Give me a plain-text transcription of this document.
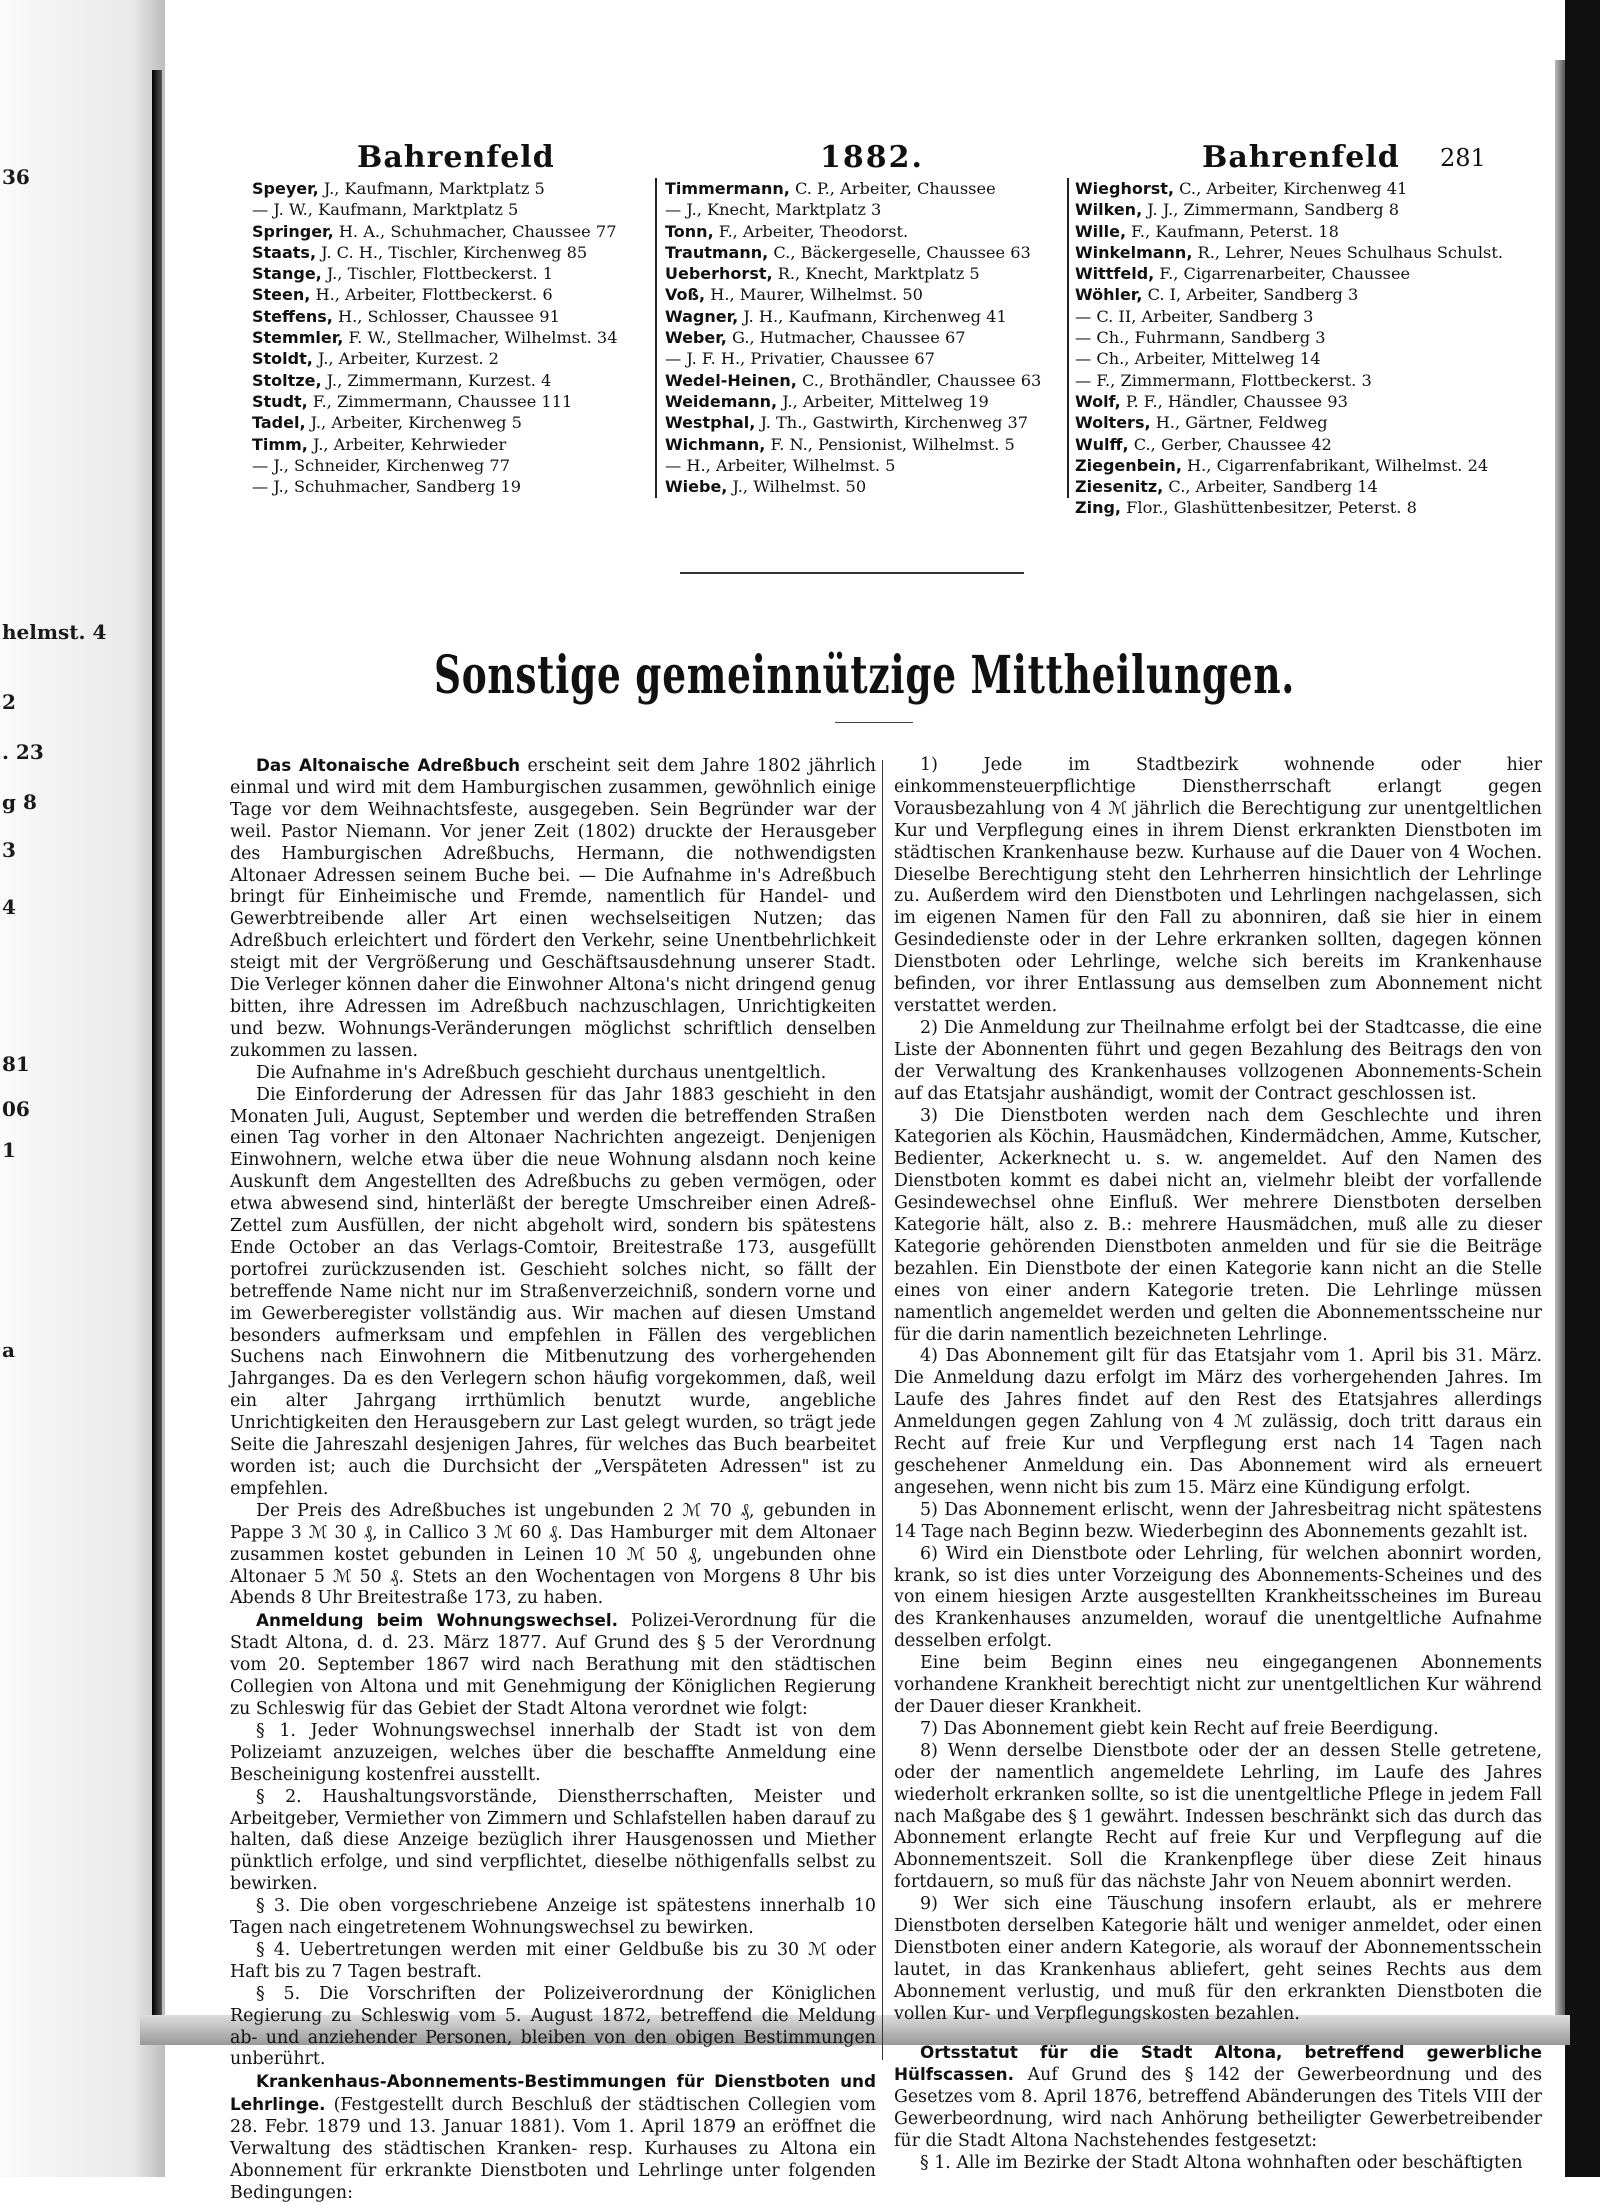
36
helmst. 4
2
. 23
g 8
3
4
81
06
1
a
Bahrenfeld	1882.	Bahrenfeld 281
Speyer, J., Kaufmann, Marktplatz 5
— J. W., Kaufmann, Marktplatz 5
Springer, H. A., Schuhmacher, Chaussee 77
Staats, J. C. H., Tischler, Kirchenweg 85
Stange, J., Tischler, Flottbeckerst. 1
Steen, H., Arbeiter, Flottbeckerst. 6
Steffens, H., Schlosser, Chaussee 91
Stemmler, F. W., Stellmacher, Wilhelmst. 34
Stoldt, J., Arbeiter, Kurzest. 2
Stoltze, J., Zimmermann, Kurzest. 4
Studt, F., Zimmermann, Chaussee 111
Tadel, J., Arbeiter, Kirchenweg 5
Timm, J., Arbeiter, Kehrwieder
— J., Schneider, Kirchenweg 77
— J., Schuhmacher, Sandberg 19
Timmermann, C. P., Arbeiter, Chaussee
— J., Knecht, Marktplatz 3
Tonn, F., Arbeiter, Theodorst.
Trautmann, C., Bäckergeselle, Chaussee 63
Ueberhorst, R., Knecht, Marktplatz 5
Voß, H., Maurer, Wilhelmst. 50
Wagner, J. H., Kaufmann, Kirchenweg 41
Weber, G., Hutmacher, Chaussee 67
— J. F. H., Privatier, Chaussee 67
Wedel-Heinen, C., Brothändler, Chaussee 63
Weidemann, J., Arbeiter, Mittelweg 19
Westphal, J. Th., Gastwirth, Kirchenweg 37
Wichmann, F. N., Pensionist, Wilhelmst. 5
— H., Arbeiter, Wilhelmst. 5
Wiebe, J., Wilhelmst. 50
Wieghorst, C., Arbeiter, Kirchenweg 41
Wilken, J. J., Zimmermann, Sandberg 8
Wille, F., Kaufmann, Peterst. 18
Winkelmann, R., Lehrer, Neues Schulhaus Schulst.
Wittfeld, F., Cigarrenarbeiter, Chaussee
Wöhler, C. I, Arbeiter, Sandberg 3
— C. II, Arbeiter, Sandberg 3
— Ch., Fuhrmann, Sandberg 3
— Ch., Arbeiter, Mittelweg 14
— F., Zimmermann, Flottbeckerst. 3
Wolf, P. F., Händler, Chaussee 93
Wolters, H., Gärtner, Feldweg
Wulff, C., Gerber, Chaussee 42
Ziegenbein, H., Cigarrenfabrikant, Wilhelmst. 24
Ziesenitz, C., Arbeiter, Sandberg 14
Zing, Flor., Glashüttenbesitzer, Peterst. 8
Sonstige gemeinnützige Mittheilungen.

Das Altonaische Adreßbuch erscheint seit dem Jahre 1802 jährlich einmal und wird mit dem Hamburgischen zusammen, gewöhnlich einige Tage vor dem Weihnachtsfeste, ausgegeben. Sein Begründer war der weil. Pastor Niemann. Vor jener Zeit (1802) druckte der Herausgeber des Hamburgischen Adreßbuchs, Hermann, die nothwendigsten Altonaer Adressen seinem Buche bei. — Die Aufnahme in's Adreßbuch bringt für Einheimische und Fremde, namentlich für Handel- und Gewerbtreibende aller Art einen wechselseitigen Nutzen; das Adreßbuch erleichtert und fördert den Verkehr, seine Unentbehrlichkeit steigt mit der Vergrößerung und Geschäftsausdehnung unserer Stadt. Die Verleger können daher die Einwohner Altona's nicht dringend genug bitten, ihre Adressen im Adreßbuch nachzuschlagen, Unrichtigkeiten und bezw. Wohnungs-Veränderungen möglichst schriftlich denselben zukommen zu lassen.

Die Aufnahme in's Adreßbuch geschieht durchaus unentgeltlich.

Die Einforderung der Adressen für das Jahr 1883 geschieht in den Monaten Juli, August, September und werden die betreffenden Straßen einen Tag vorher in den Altonaer Nachrichten angezeigt. Denjenigen Einwohnern, welche etwa über die neue Wohnung alsdann noch keine Auskunft dem Angestellten des Adreßbuchs zu geben vermögen, oder etwa abwesend sind, hinterläßt der beregte Umschreiber einen Adreß-Zettel zum Ausfüllen, der nicht abgeholt wird, sondern bis spätestens Ende October an das Verlags-Comtoir, Breitestraße 173, ausgefüllt portofrei zurückzusenden ist. Geschieht solches nicht, so fällt der betreffende Name nicht nur im Straßenverzeichniß, sondern vorne und im Gewerberegister vollständig aus. Wir machen auf diesen Umstand besonders aufmerksam und empfehlen in Fällen des vergeblichen Suchens nach Einwohnern die Mitbenutzung des vorhergehenden Jahrganges. Da es den Verlegern schon häufig vorgekommen, daß, weil ein alter Jahrgang irrthümlich benutzt wurde, angebliche Unrichtigkeiten den Herausgebern zur Last gelegt wurden, so trägt jede Seite die Jahreszahl desjenigen Jahres, für welches das Buch bearbeitet worden ist; auch die Durchsicht der „Verspäteten Adressen" ist zu empfehlen.

Der Preis des Adreßbuches ist ungebunden 2 ℳ 70 ₰, gebunden in Pappe 3 ℳ 30 ₰, in Callico 3 ℳ 60 ₰. Das Hamburger mit dem Altonaer zusammen kostet gebunden in Leinen 10 ℳ 50 ₰, ungebunden ohne Altonaer 5 ℳ 50 ₰. Stets an den Wochentagen von Morgens 8 Uhr bis Abends 8 Uhr Breitestraße 173, zu haben.

Anmeldung beim Wohnungswechsel. Polizei-Verordnung für die Stadt Altona, d. d. 23. März 1877. Auf Grund des § 5 der Verordnung vom 20. September 1867 wird nach Berathung mit den städtischen Collegien von Altona und mit Genehmigung der Königlichen Regierung zu Schleswig für das Gebiet der Stadt Altona verordnet wie folgt:

§ 1. Jeder Wohnungswechsel innerhalb der Stadt ist von dem Polizeiamt anzuzeigen, welches über die beschaffte Anmeldung eine Bescheinigung kostenfrei ausstellt.

§ 2. Haushaltungsvorstände, Dienstherrschaften, Meister und Arbeitgeber, Vermiether von Zimmern und Schlafstellen haben darauf zu halten, daß diese Anzeige bezüglich ihrer Hausgenossen und Miether pünktlich erfolge, und sind verpflichtet, dieselbe nöthigenfalls selbst zu bewirken.

§ 3. Die oben vorgeschriebene Anzeige ist spätestens innerhalb 10 Tagen nach eingetretenem Wohnungswechsel zu bewirken.

§ 4. Uebertretungen werden mit einer Geldbuße bis zu 30 ℳ oder Haft bis zu 7 Tagen bestraft.

§ 5. Die Vorschriften der Polizeiverordnung der Königlichen Regierung zu Schleswig vom 5. August 1872, betreffend die Meldung ab- und anziehender Personen, bleiben von den obigen Bestimmungen unberührt.

Krankenhaus-Abonnements-Bestimmungen für Dienstboten und Lehrlinge. (Festgestellt durch Beschluß der städtischen Collegien vom 28. Febr. 1879 und 13. Januar 1881). Vom 1. April 1879 an eröffnet die Verwaltung des städtischen Kranken- resp. Kurhauses zu Altona ein Abonnement für erkrankte Dienstboten und Lehrlinge unter folgenden Bedingungen:

1) Jede im Stadtbezirk wohnende oder hier einkommensteuerpflichtige Dienstherrschaft erlangt gegen Vorausbezahlung von 4 ℳ jährlich die Berechtigung zur unentgeltlichen Kur und Verpflegung eines in ihrem Dienst erkrankten Dienstboten im städtischen Krankenhause bezw. Kurhause auf die Dauer von 4 Wochen. Dieselbe Berechtigung steht den Lehrherren hinsichtlich der Lehrlinge zu. Außerdem wird den Dienstboten und Lehrlingen nachgelassen, sich im eigenen Namen für den Fall zu abonniren, daß sie hier in einem Gesindedienste oder in der Lehre erkranken sollten, dagegen können Dienstboten oder Lehrlinge, welche sich bereits im Krankenhause befinden, vor ihrer Entlassung aus demselben zum Abonnement nicht verstattet werden.

2) Die Anmeldung zur Theilnahme erfolgt bei der Stadtcasse, die eine Liste der Abonnenten führt und gegen Bezahlung des Beitrags den von der Verwaltung des Krankenhauses vollzogenen Abonnements-Schein auf das Etatsjahr aushändigt, womit der Contract geschlossen ist.

3) Die Dienstboten werden nach dem Geschlechte und ihren Kategorien als Köchin, Hausmädchen, Kindermädchen, Amme, Kutscher, Bedienter, Ackerknecht u. s. w. angemeldet. Auf den Namen des Dienstboten kommt es dabei nicht an, vielmehr bleibt der vorfallende Gesindewechsel ohne Einfluß. Wer mehrere Dienstboten derselben Kategorie hält, also z. B.: mehrere Hausmädchen, muß alle zu dieser Kategorie gehörenden Dienstboten anmelden und für sie die Beiträge bezahlen. Ein Dienstbote der einen Kategorie kann nicht an die Stelle eines von einer andern Kategorie treten. Die Lehrlinge müssen namentlich angemeldet werden und gelten die Abonnementsscheine nur für die darin namentlich bezeichneten Lehrlinge.

4) Das Abonnement gilt für das Etatsjahr vom 1. April bis 31. März. Die Anmeldung dazu erfolgt im März des vorhergehenden Jahres. Im Laufe des Jahres findet auf den Rest des Etatsjahres allerdings Anmeldungen gegen Zahlung von 4 ℳ zulässig, doch tritt daraus ein Recht auf freie Kur und Verpflegung erst nach 14 Tagen nach geschehener Anmeldung ein. Das Abonnement wird als erneuert angesehen, wenn nicht bis zum 15. März eine Kündigung erfolgt.

5) Das Abonnement erlischt, wenn der Jahresbeitrag nicht spätestens 14 Tage nach Beginn bezw. Wiederbeginn des Abonnements gezahlt ist.

6) Wird ein Dienstbote oder Lehrling, für welchen abonnirt worden, krank, so ist dies unter Vorzeigung des Abonnements-Scheines und des von einem hiesigen Arzte ausgestellten Krankheitsscheines im Bureau des Krankenhauses anzumelden, worauf die unentgeltliche Aufnahme desselben erfolgt.

Eine beim Beginn eines neu eingegangenen Abonnements vorhandene Krankheit berechtigt nicht zur unentgeltlichen Kur während der Dauer dieser Krankheit.

7) Das Abonnement giebt kein Recht auf freie Beerdigung.

8) Wenn derselbe Dienstbote oder der an dessen Stelle getretene, oder der namentlich angemeldete Lehrling, im Laufe des Jahres wiederholt erkranken sollte, so ist die unentgeltliche Pflege in jedem Fall nach Maßgabe des § 1 gewährt. Indessen beschränkt sich das durch das Abonnement erlangte Recht auf freie Kur und Verpflegung auf die Abonnementszeit. Soll die Krankenpflege über diese Zeit hinaus fortdauern, so muß für das nächste Jahr von Neuem abonnirt werden.

9) Wer sich eine Täuschung insofern erlaubt, als er mehrere Dienstboten derselben Kategorie hält und weniger anmeldet, oder einen Dienstboten einer andern Kategorie, als worauf der Abonnementsschein lautet, in das Krankenhaus abliefert, geht seines Rechts aus dem Abonnement verlustig, und muß für den erkrankten Dienstboten die vollen Kur- und Verpflegungskosten bezahlen.

Ortsstatut für die Stadt Altona, betreffend gewerbliche Hülfscassen. Auf Grund des § 142 der Gewerbeordnung und des Gesetzes vom 8. April 1876, betreffend Abänderungen des Titels VIII der Gewerbeordnung, wird nach Anhörung betheiligter Gewerbetreibender für die Stadt Altona Nachstehendes festgesetzt:

§ 1. Alle im Bezirke der Stadt Altona wohnhaften oder beschäftigten
